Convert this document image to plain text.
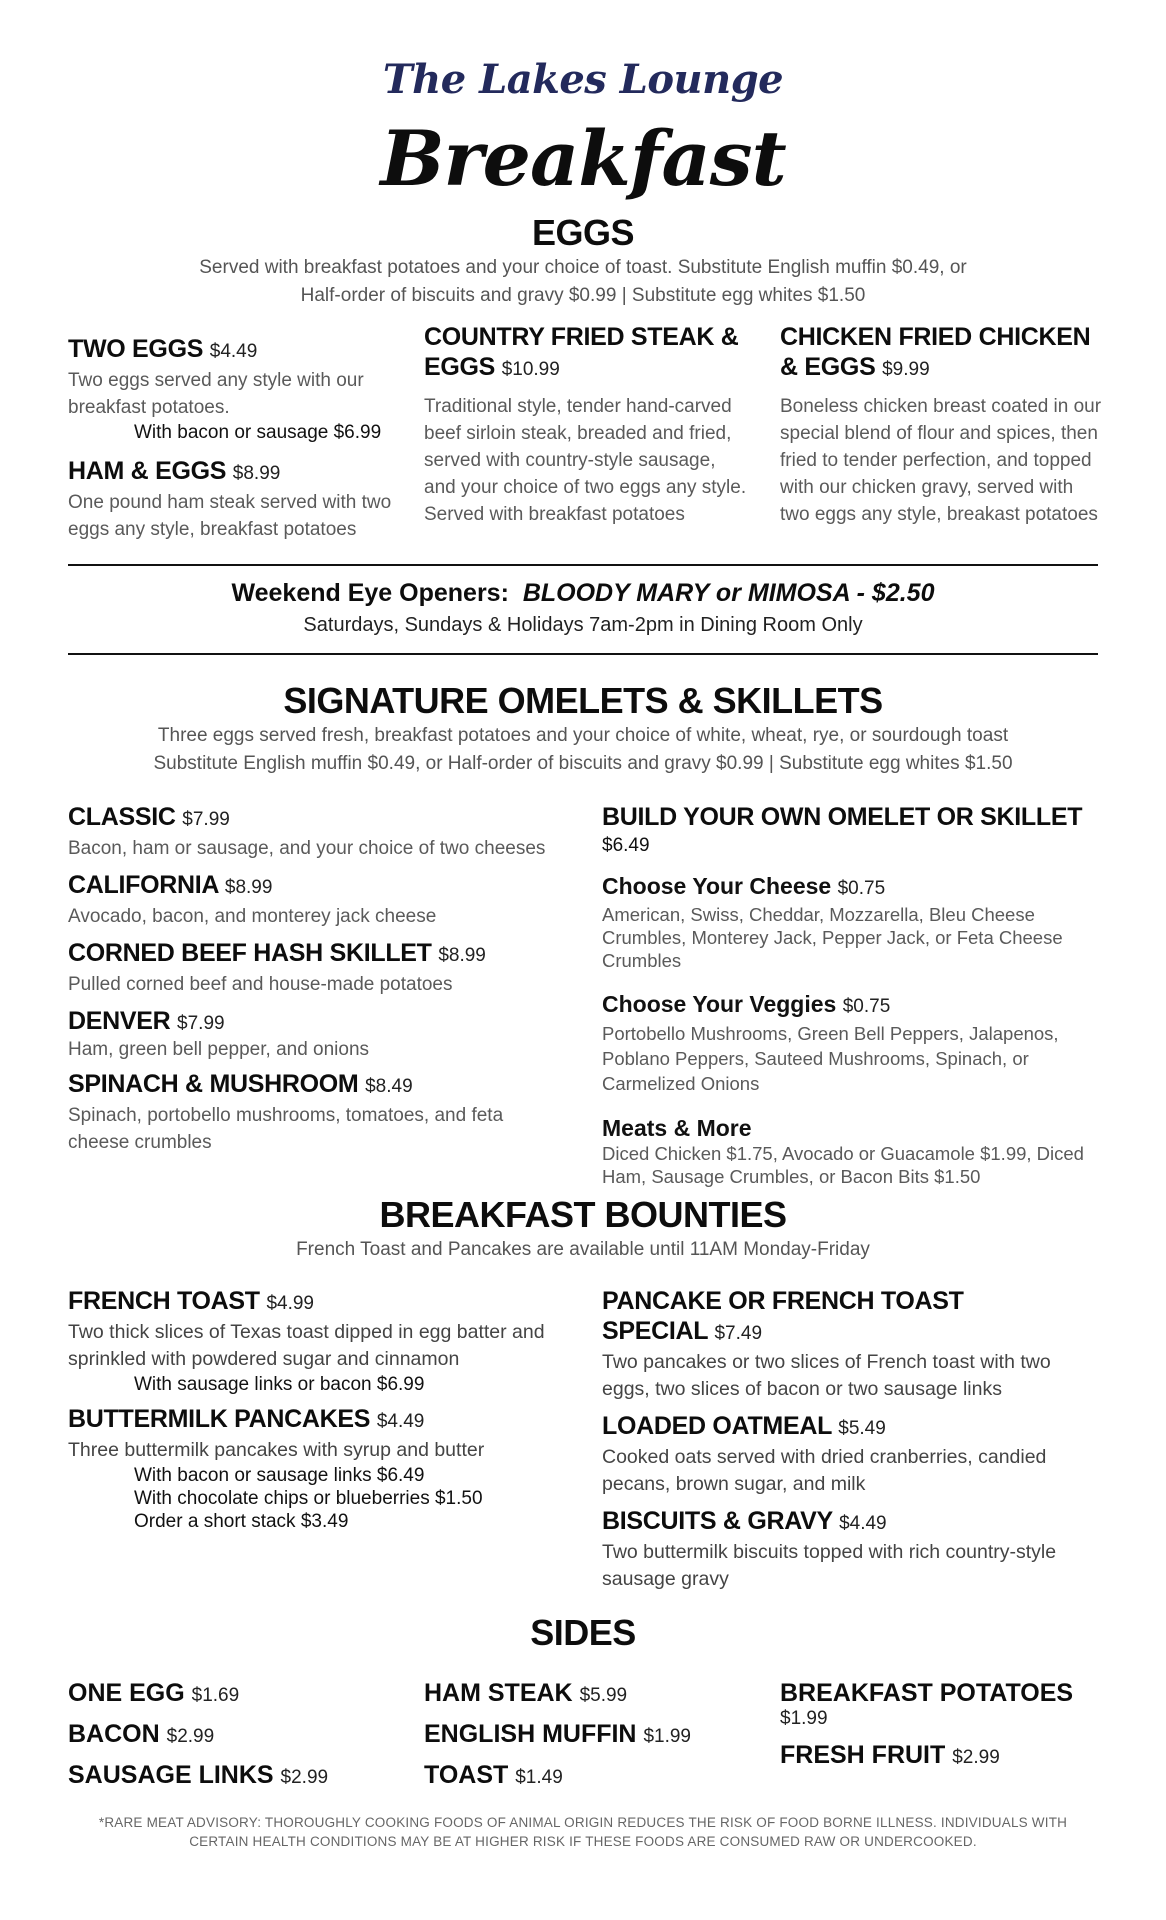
The Lakes Lounge
Breakfast
EGGS
Served with breakfast potatoes and your choice of toast. Substitute English muffin $0.49, or
Half-order of biscuits and gravy $0.99 | Substitute egg whites $1.50
TWO EGGS $4.49
Two eggs served any style with our breakfast potatoes.
With bacon or sausage $6.99
HAM & EGGS $8.99
One pound ham steak served with two eggs any style, breakfast potatoes
COUNTRY FRIED STEAK & EGGS $10.99
Traditional style, tender hand-carved beef sirloin steak, breaded and fried, served with country-style sausage, and your choice of two eggs any style. Served with breakfast potatoes
CHICKEN FRIED CHICKEN & EGGS $9.99
Boneless chicken breast coated in our special blend of flour and spices, then fried to tender perfection, and topped with our chicken gravy, served with two eggs any style, breakast potatoes
Weekend Eye Openers: BLOODY MARY or MIMOSA - $2.50
Saturdays, Sundays & Holidays 7am-2pm in Dining Room Only
SIGNATURE OMELETS & SKILLETS
Three eggs served fresh, breakfast potatoes and your choice of white, wheat, rye, or sourdough toast
Substitute English muffin $0.49, or Half-order of biscuits and gravy $0.99 | Substitute egg whites $1.50
CLASSIC $7.99
Bacon, ham or sausage, and your choice of two cheeses
CALIFORNIA $8.99
Avocado, bacon, and monterey jack cheese
CORNED BEEF HASH SKILLET $8.99
Pulled corned beef and house-made potatoes
DENVER $7.99
Ham, green bell pepper, and onions
SPINACH & MUSHROOM $8.49
Spinach, portobello mushrooms, tomatoes, and feta cheese crumbles
BUILD YOUR OWN OMELET OR SKILLET
$6.49
Choose Your Cheese $0.75
American, Swiss, Cheddar, Mozzarella, Bleu Cheese Crumbles, Monterey Jack, Pepper Jack, or Feta Cheese Crumbles
Choose Your Veggies $0.75
Portobello Mushrooms, Green Bell Peppers, Jalapenos, Poblano Peppers, Sauteed Mushrooms, Spinach, or Carmelized Onions
Meats & More
Diced Chicken $1.75, Avocado or Guacamole $1.99, Diced Ham, Sausage Crumbles, or Bacon Bits $1.50
BREAKFAST BOUNTIES
French Toast and Pancakes are available until 11AM Monday-Friday
FRENCH TOAST $4.99
Two thick slices of Texas toast dipped in egg batter and sprinkled with powdered sugar and cinnamon
With sausage links or bacon $6.99
BUTTERMILK PANCAKES $4.49
Three buttermilk pancakes with syrup and butter
With bacon or sausage links $6.49
With chocolate chips or blueberries $1.50
Order a short stack $3.49
PANCAKE OR FRENCH TOAST SPECIAL $7.49
Two pancakes or two slices of French toast with two eggs, two slices of bacon or two sausage links
LOADED OATMEAL $5.49
Cooked oats served with dried cranberries, candied pecans, brown sugar, and milk
BISCUITS & GRAVY $4.49
Two buttermilk biscuits topped with rich country-style sausage gravy
SIDES
ONE EGG $1.69
BACON $2.99
SAUSAGE LINKS $2.99
HAM STEAK $5.99
ENGLISH MUFFIN $1.99
TOAST $1.49
BREAKFAST POTATOES
$1.99
FRESH FRUIT $2.99
*RARE MEAT ADVISORY: THOROUGHLY COOKING FOODS OF ANIMAL ORIGIN REDUCES THE RISK OF FOOD BORNE ILLNESS. INDIVIDUALS WITH CERTAIN HEALTH CONDITIONS MAY BE AT HIGHER RISK IF THESE FOODS ARE CONSUMED RAW OR UNDERCOOKED.
